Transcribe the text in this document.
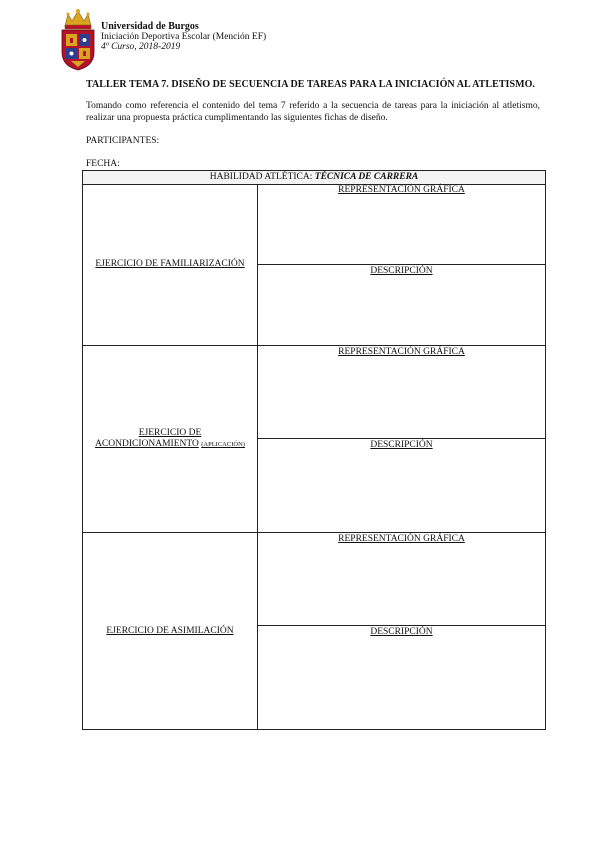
Universidad de Burgos
Iniciación Deportiva Escolar (Mención EF)
4º Curso, 2018-2019
TALLER TEMA 7. DISEÑO DE SECUENCIA DE TAREAS PARA LA INICIACIÓN AL ATLETISMO.
Tomando como referencia el contenido del tema 7 referido a la secuencia de tareas para la iniciación al atletismo, realizar una propuesta práctica cumplimentando las siguientes fichas de diseño.
PARTICIPANTES:
FECHA:
HABILIDAD ATLÉTICA: TÉCNICA DE CARRERA
EJERCICIO DE FAMILIARIZACIÓN
REPRESENTACIÓN GRÁFICA
DESCRIPCIÓN
EJERCICIO DE
ACONDICIONAMIENTO (APLICACIÓN)
REPRESENTACIÓN GRÁFICA
DESCRIPCIÓN
EJERCICIO DE ASIMILACIÓN
REPRESENTACIÓN GRÁFICA
DESCRIPCIÓN
